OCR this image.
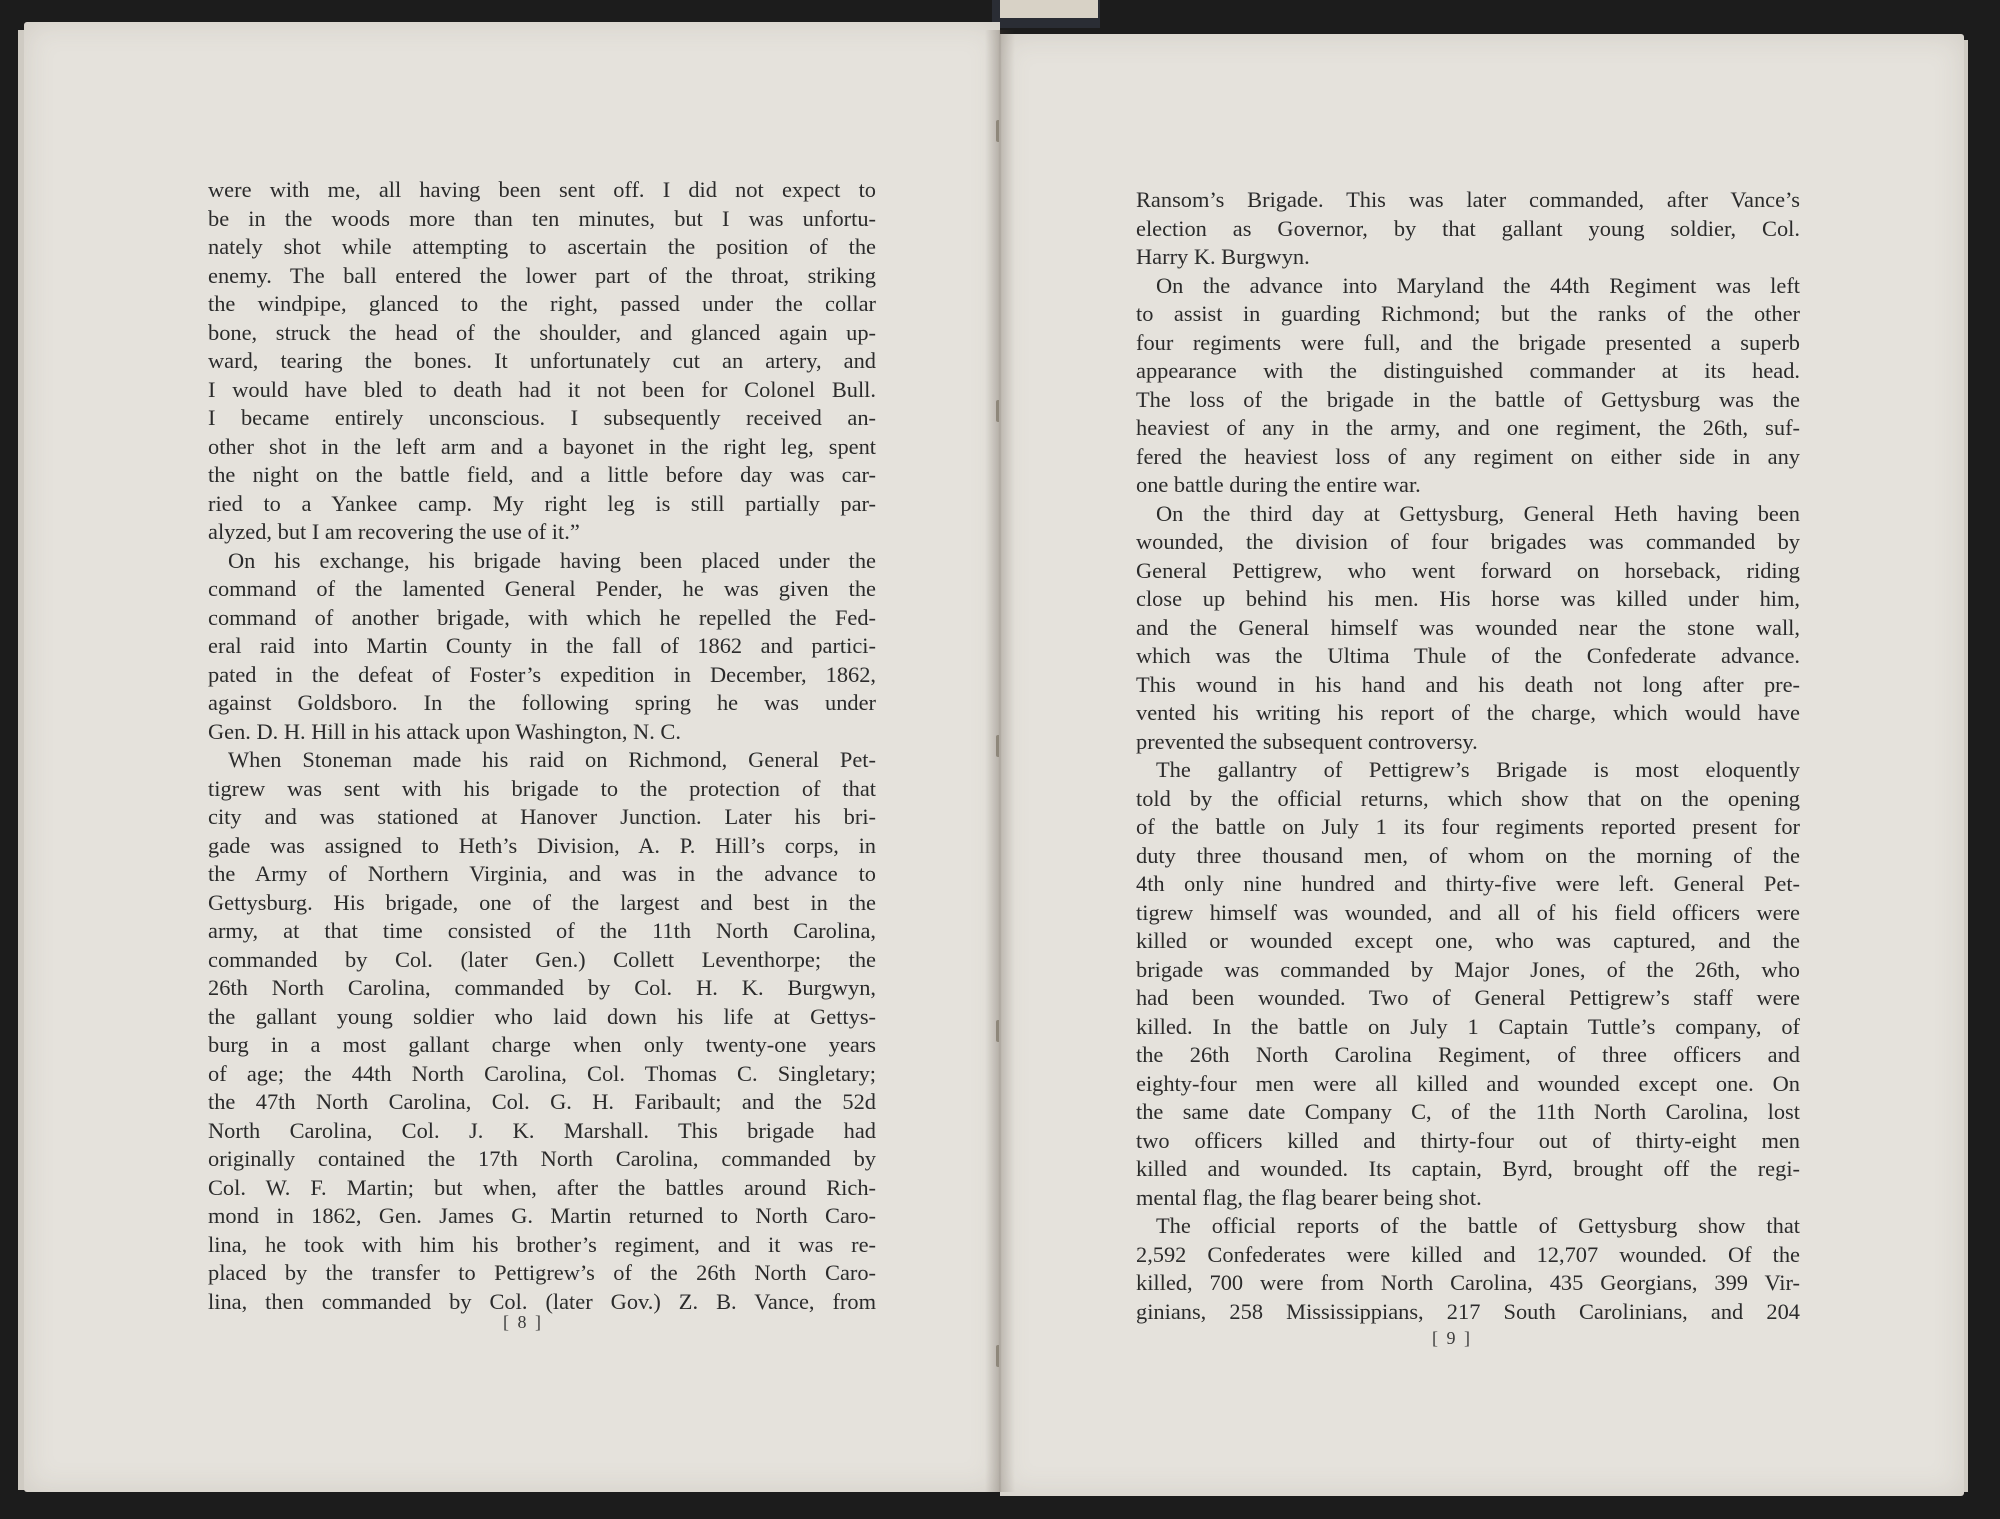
were with me, all having been sent off. I did not expect to
be in the woods more than ten minutes, but I was unfortu-
nately shot while attempting to ascertain the position of the
enemy. The ball entered the lower part of the throat, striking
the windpipe, glanced to the right, passed under the collar
bone, struck the head of the shoulder, and glanced again up-
ward, tearing the bones. It unfortunately cut an artery, and
I would have bled to death had it not been for Colonel Bull.
I became entirely unconscious. I subsequently received an-
other shot in the left arm and a bayonet in the right leg, spent
the night on the battle field, and a little before day was car-
ried to a Yankee camp. My right leg is still partially par-
alyzed, but I am recovering the use of it.”
On his exchange, his brigade having been placed under the
command of the lamented General Pender, he was given the
command of another brigade, with which he repelled the Fed-
eral raid into Martin County in the fall of 1862 and partici-
pated in the defeat of Foster’s expedition in December, 1862,
against Goldsboro. In the following spring he was under
Gen. D. H. Hill in his attack upon Washington, N. C.
When Stoneman made his raid on Richmond, General Pet-
tigrew was sent with his brigade to the protection of that
city and was stationed at Hanover Junction. Later his bri-
gade was assigned to Heth’s Division, A. P. Hill’s corps, in
the Army of Northern Virginia, and was in the advance to
Gettysburg. His brigade, one of the largest and best in the
army, at that time consisted of the 11th North Carolina,
commanded by Col. (later Gen.) Collett Leventhorpe; the
26th North Carolina, commanded by Col. H. K. Burgwyn,
the gallant young soldier who laid down his life at Gettys-
burg in a most gallant charge when only twenty-one years
of age; the 44th North Carolina, Col. Thomas C. Singletary;
the 47th North Carolina, Col. G. H. Faribault; and the 52d
North Carolina, Col. J. K. Marshall. This brigade had
originally contained the 17th North Carolina, commanded by
Col. W. F. Martin; but when, after the battles around Rich-
mond in 1862, Gen. James G. Martin returned to North Caro-
lina, he took with him his brother’s regiment, and it was re-
placed by the transfer to Pettigrew’s of the 26th North Caro-
lina, then commanded by Col. (later Gov.) Z. B. Vance, from
Ransom’s Brigade. This was later commanded, after Vance’s
election as Governor, by that gallant young soldier, Col.
Harry K. Burgwyn.
On the advance into Maryland the 44th Regiment was left
to assist in guarding Richmond; but the ranks of the other
four regiments were full, and the brigade presented a superb
appearance with the distinguished commander at its head.
The loss of the brigade in the battle of Gettysburg was the
heaviest of any in the army, and one regiment, the 26th, suf-
fered the heaviest loss of any regiment on either side in any
one battle during the entire war.
On the third day at Gettysburg, General Heth having been
wounded, the division of four brigades was commanded by
General Pettigrew, who went forward on horseback, riding
close up behind his men. His horse was killed under him,
and the General himself was wounded near the stone wall,
which was the Ultima Thule of the Confederate advance.
This wound in his hand and his death not long after pre-
vented his writing his report of the charge, which would have
prevented the subsequent controversy.
The gallantry of Pettigrew’s Brigade is most eloquently
told by the official returns, which show that on the opening
of the battle on July 1 its four regiments reported present for
duty three thousand men, of whom on the morning of the
4th only nine hundred and thirty-five were left. General Pet-
tigrew himself was wounded, and all of his field officers were
killed or wounded except one, who was captured, and the
brigade was commanded by Major Jones, of the 26th, who
had been wounded. Two of General Pettigrew’s staff were
killed. In the battle on July 1 Captain Tuttle’s company, of
the 26th North Carolina Regiment, of three officers and
eighty-four men were all killed and wounded except one. On
the same date Company C, of the 11th North Carolina, lost
two officers killed and thirty-four out of thirty-eight men
killed and wounded. Its captain, Byrd, brought off the regi-
mental flag, the flag bearer being shot.
The official reports of the battle of Gettysburg show that
2,592 Confederates were killed and 12,707 wounded. Of the
killed, 700 were from North Carolina, 435 Georgians, 399 Vir-
ginians, 258 Mississippians, 217 South Carolinians, and 204
[ 8 ]
[ 9 ]
